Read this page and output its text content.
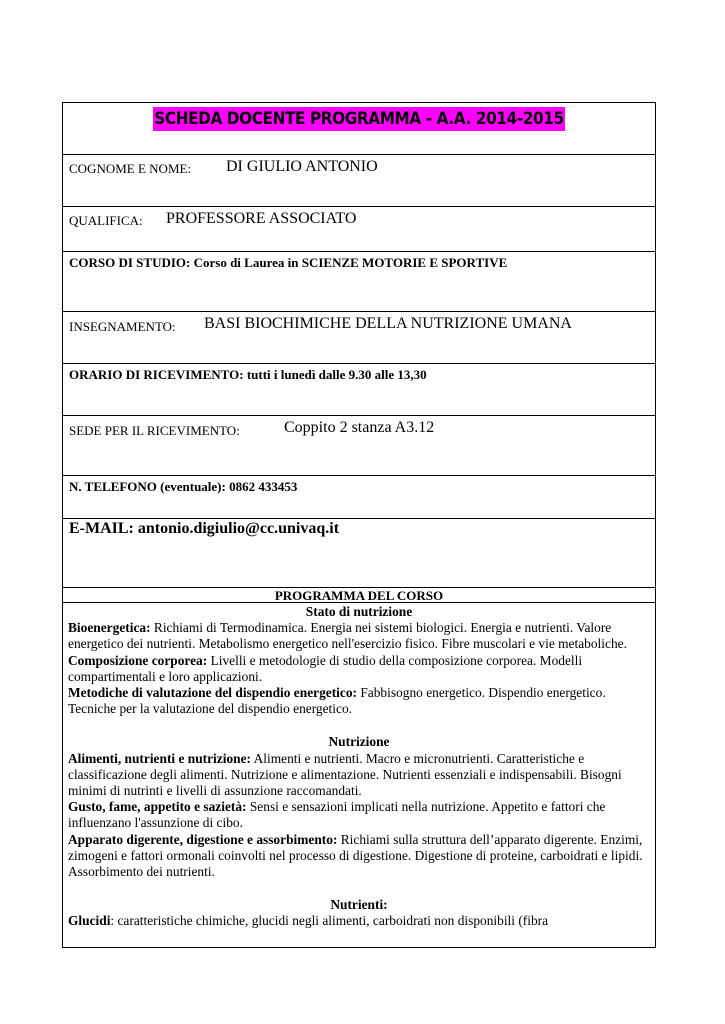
SCHEDA DOCENTE PROGRAMMA - A.A. 2014-2015
COGNOME E NOME: DI GIULIO ANTONIO
QUALIFICA: PROFESSORE ASSOCIATO
CORSO DI STUDIO: Corso di Laurea in SCIENZE MOTORIE E SPORTIVE
INSEGNAMENTO: BASI BIOCHIMICHE DELLA NUTRIZIONE UMANA
ORARIO DI RICEVIMENTO: tutti i lunedì dalle 9.30 alle 13,30
SEDE PER IL RICEVIMENTO:	Coppito 2 stanza A3.12
N. TELEFONO (eventuale): 0862 433453
E-MAIL: antonio.digiulio@cc.univaq.it
PROGRAMMA DEL CORSO
Stato di nutrizione
Bioenergetica: Richiami di Termodinamica. Energia nei sistemi biologici. Energia e nutrienti. Valore energetico dei nutrienti. Metabolismo energetico nell'esercizio fisico. Fibre muscolari e vie metaboliche.
Composizione corporea: Livelli e metodologie di studio della composizione corporea. Modelli compartimentali e loro applicazioni.
Metodiche di valutazione del dispendio energetico: Fabbisogno energetico. Dispendio energetico. Tecniche per la valutazione del dispendio energetico.
Nutrizione
Alimenti, nutrienti e nutrizione: Alimenti e nutrienti. Macro e micronutrienti. Caratteristiche e classificazione degli alimenti. Nutrizione e alimentazione. Nutrienti essenziali e indispensabili. Bisogni minimi di nutrinti e livelli di assunzione raccomandati.
Gusto, fame, appetito e sazietà: Sensi e sensazioni implicati nella nutrizione. Appetito e fattori che influenzano l'assunzione di cibo.
Apparato digerente, digestione e assorbimento: Richiami sulla struttura dell’apparato digerente. Enzimi, zimogeni e fattori ormonali coinvolti nel processo di digestione. Digestione di proteine, carboidrati e lipidi. Assorbimento dei nutrienti.
Nutrienti:
Glucidi: caratteristiche chimiche, glucidi negli alimenti, carboidrati non disponibili (fibra
